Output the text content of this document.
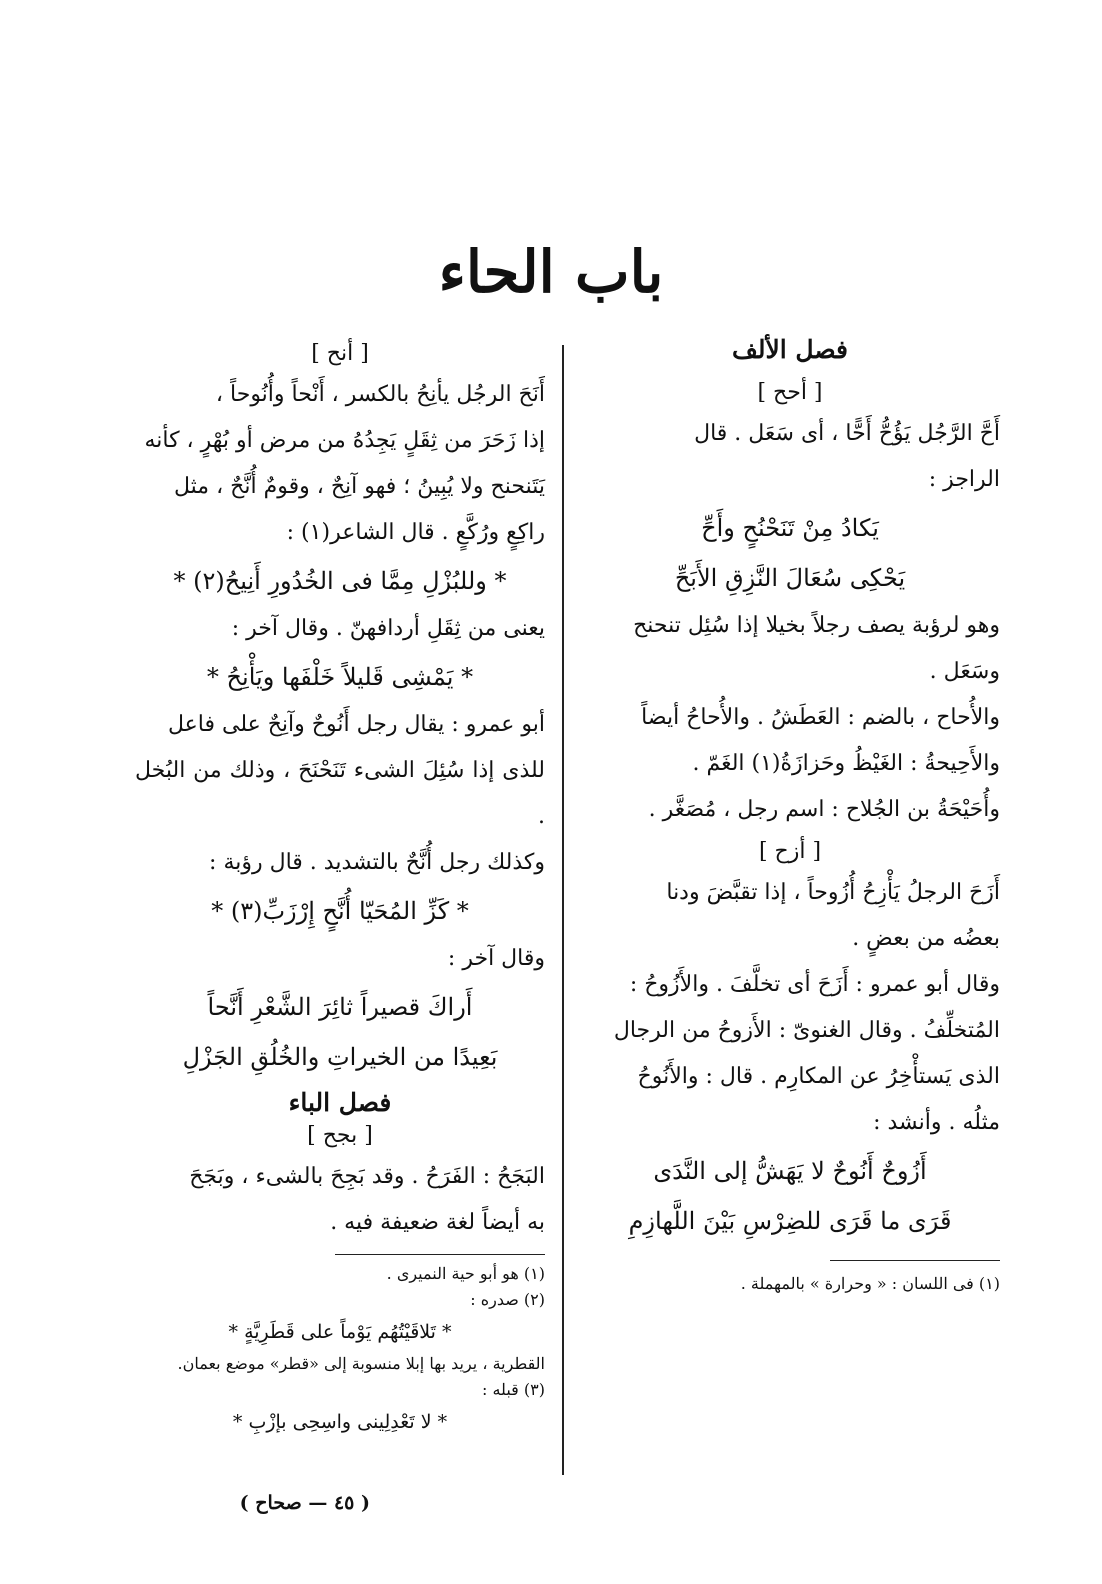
باب الحاء
فصل الألف
[ أحح ]

أَحَّ الرَّجُل يَؤُحُّ أَحًّا ، أى سَعَل . قال

الراجز :

يَكادُ مِنْ تَنَحْنُحٍ وأَحِّ

يَحْكِى سُعَالَ النَّزِقِ الأَبَحِّ

وهو لرؤبة يصف رجلاً بخيلا إذا سُئِل تنحنح

وسَعَل .

والأُحاح ، بالضم : العَطَشُ . والأُحاحُ أيضاً

والأَحِيحةُ : الغَيْظُ وحَزازَةُ(١) الغَمّ .

وأُحَيْحَةُ بن الجُلاح : اسم رجل ، مُصَغَّر .

[ أزح ]

أَزَحَ الرجلُ يَأْزِحُ أُزُوحاً ، إذا تقبَّضَ ودنا

بعضُه من بعضٍ .

وقال أبو عمرو : أَزَحَ أى تخلَّفَ . والأَزُوحُ :

المُتخلِّفُ . وقال الغنوىّ : الأَزوحُ من الرجال

الذى يَستأْخِرُ عن المكارِم . قال : والأَنُوحُ

مثلُه . وأنشد :

أَزُوحٌ أَنُوحٌ لا يَهَشُّ إلى النَّدَى

قَرَى ما قَرَى للضِرْسِ بَيْنَ اللَّهازِمِ

(١) فى اللسان : « وحرارة » بالمهملة .

[ أنح ]

أَنَحَ الرجُل يأنِحُ بالكسر ، أَنْحاً وأُنُوحاً ،

إذا زَحَرَ من ثِقَلٍ يَجِدُهُ من مرض أو بُهْرٍ ، كأنه

يَتَنحنح ولا يُبِينُ ؛ فهو آنِحٌ ، وقومٌ أُنَّحٌ ، مثل

راكِعٍ ورُكَّعٍ . قال الشاعر(١) :

* وللبُزْلِ مِمَّا فى الخُدُورِ أَنِيحُ(٢) *

يعنى من ثِقَلِ أردافهنّ . وقال آخر :

* يَمْشِى قَليلاً خَلْفَها ويَأْنِحُ *

أبو عمرو : يقال رجل أَنُوحٌ وآنِحٌ على فاعل

للذى إذا سُئِلَ الشىء تَنَحْنَحَ ، وذلك من البُخل .

وكذلك رجل أُنَّحٌ بالتشديد . قال رؤبة :

* كَزِّ المُحَيّا أُنَّحٍ إِرْزَبِّ(٣) *

وقال آخر :

أَراكَ قصيراً ثائِرَ الشَّعْرِ أَنَّحاً

بَعِيدًا من الخيراتِ والخُلُقِ الجَزْلِ

فصل الباء
[ بجح ]

البَجَحُ : الفَرَحُ . وقد بَجِحَ بالشىء ، وبَجَحَ

به أيضاً لغة ضعيفة فيه .

(١) هو أبو حية النميرى .

(٢) صدره :

* تَلاقَيْتُهُم يَوْماً على قَطَرِيَّةٍ *

القطرية ، يريد بها إبلا منسوبة إلى «قطر» موضع بعمان.

(٣) قبله :

* لا تَعْدِلِينى واسِحِى بإزْبِ *

( ٤٥ — صحاح )
